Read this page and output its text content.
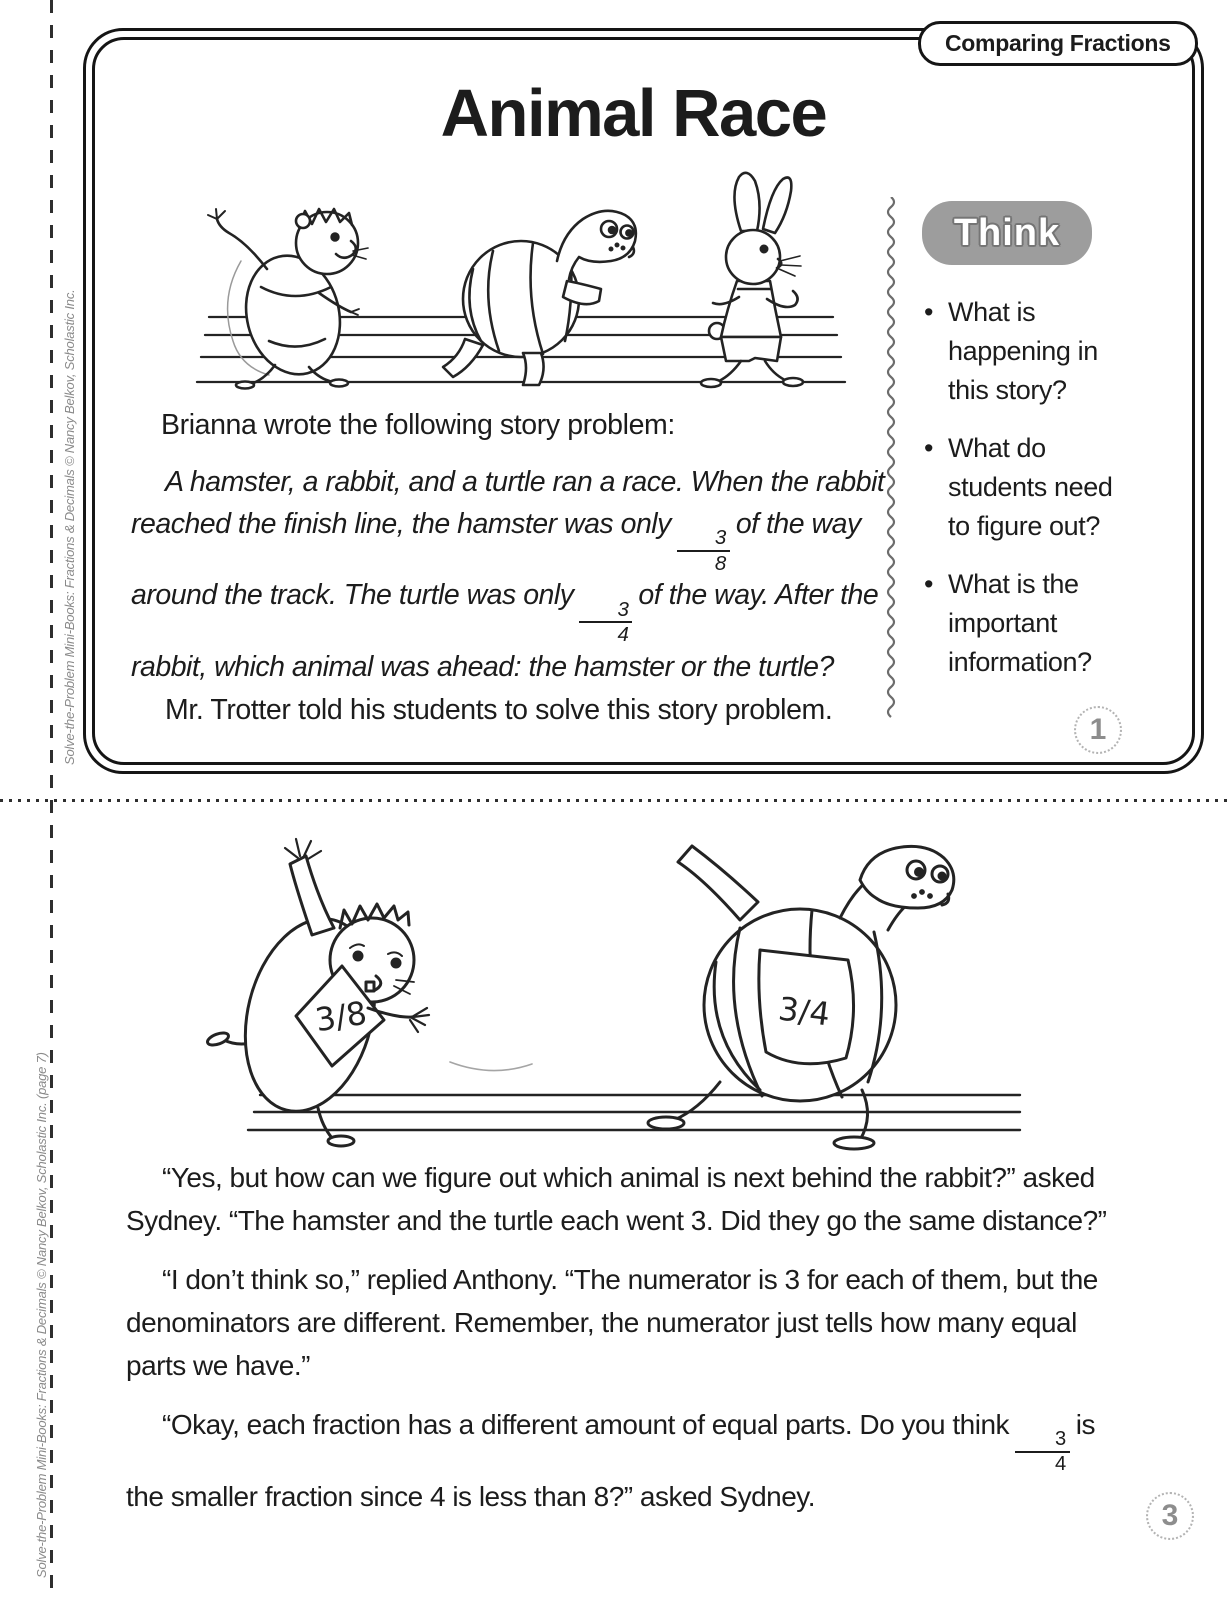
Solve-the-Problem Mini-Books: Fractions & Decimals © Nancy Belkov, Scholastic Inc.
Solve-the-Problem Mini-Books: Fractions & Decimals © Nancy Belkov, Scholastic Inc. (page 7)
Comparing Fractions
Animal Race
Brianna wrote the following story problem:

A hamster, a rabbit, and a turtle ran a race. When the rabbit reached the finish line, the hamster was only
$\frac{3}{8}$
of the way around the track. The turtle was only
$\frac{3}{4}$
of the way. After the rabbit, which animal was ahead: the hamster or the turtle?

Mr. Trotter told his students to solve this story problem.

Think
• What is happening in this story?
• What do students need to figure out?
• What is the important information?
1
3/8	3/4

“Yes, but how can we figure out which animal is next behind the rabbit?” asked Sydney. “The hamster and the turtle each went 3. Did they go the same distance?”

“I don’t think so,” replied Anthony. “The numerator is 3 for each of them, but the denominators are different. Remember, the numerator just tells how many equal parts we have.”

“Okay, each fraction has a different amount of equal parts. Do you think
$\frac{3}{4}$
is the smaller fraction since 4 is less than 8?” asked Sydney.

3
